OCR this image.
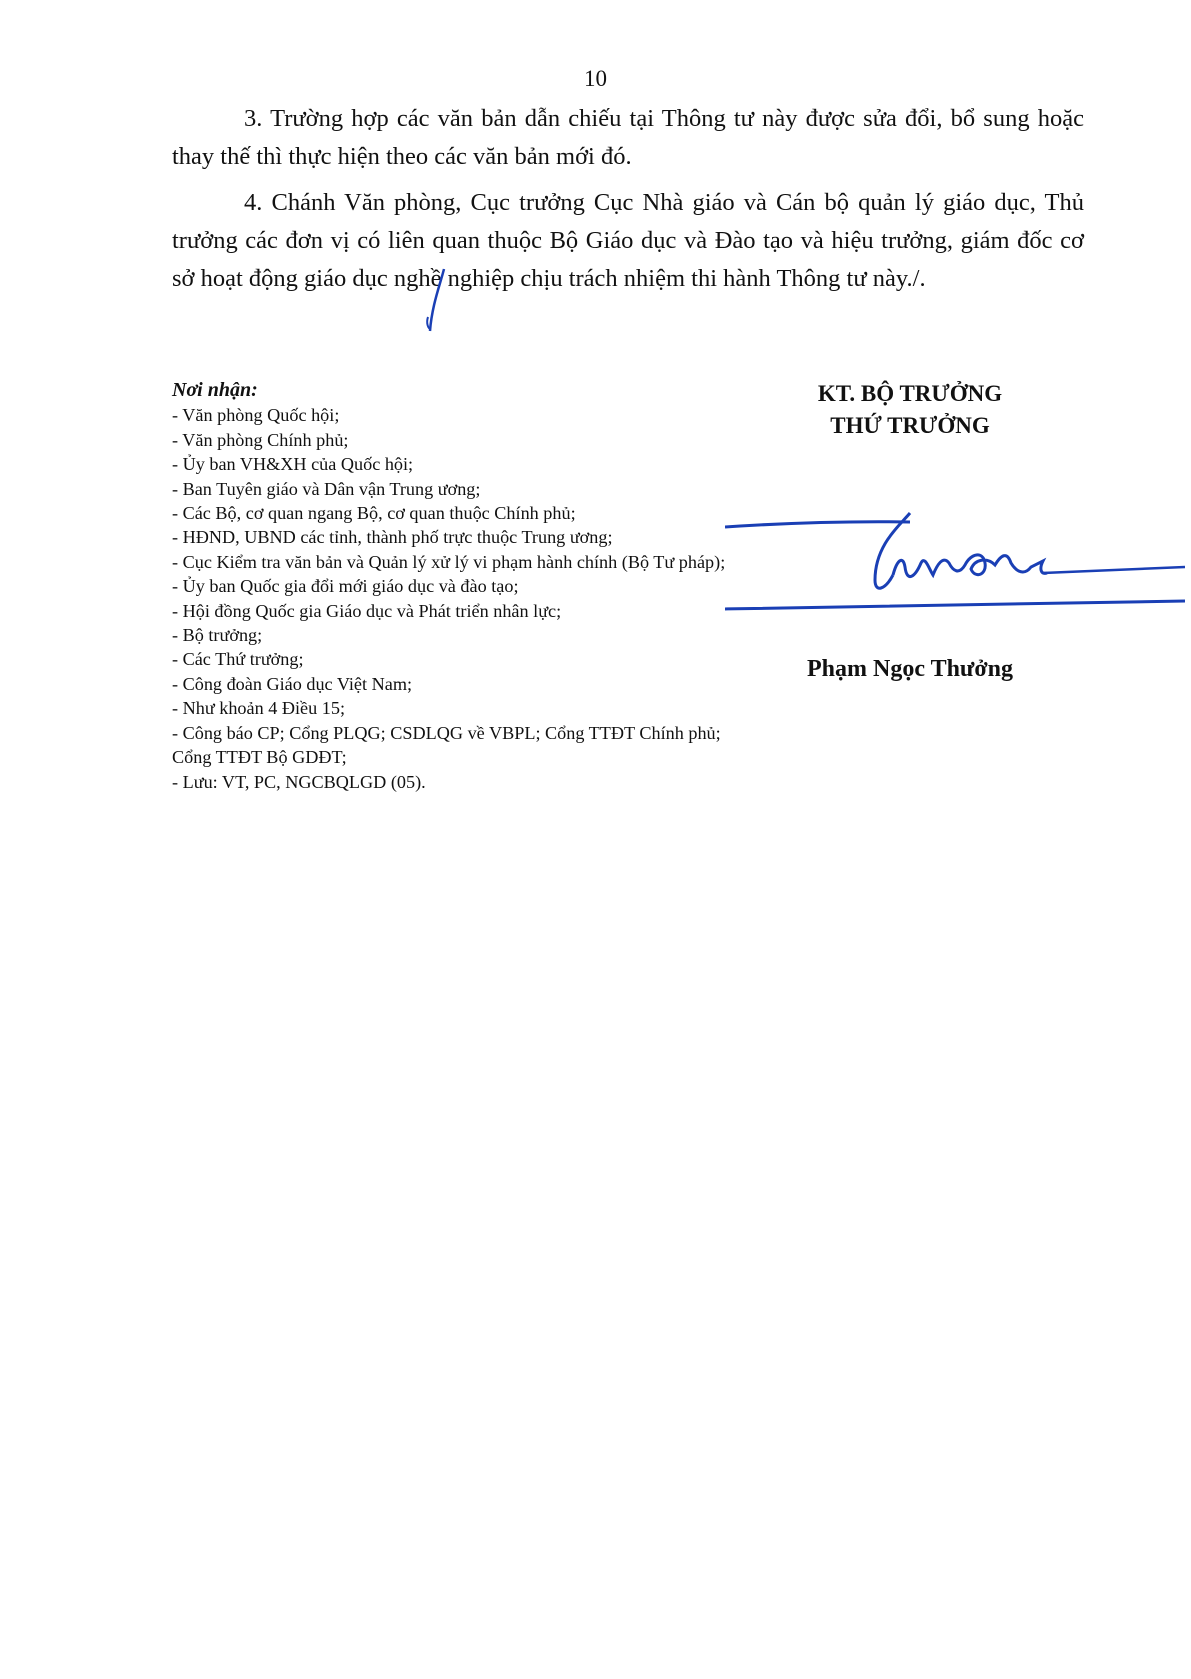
10

3. Trường hợp các văn bản dẫn chiếu tại Thông tư này được sửa đổi, bổ sung hoặc thay thế thì thực hiện theo các văn bản mới đó.

4. Chánh Văn phòng, Cục trưởng Cục Nhà giáo và Cán bộ quản lý giáo dục, Thủ trưởng các đơn vị có liên quan thuộc Bộ Giáo dục và Đào tạo và hiệu trưởng, giám đốc cơ sở hoạt động giáo dục nghề nghiệp chịu trách nhiệm thi hành Thông tư này./.

Nơi nhận:
- Văn phòng Quốc hội;
- Văn phòng Chính phủ;
- Ủy ban VH&XH của Quốc hội;
- Ban Tuyên giáo và Dân vận Trung ương;
- Các Bộ, cơ quan ngang Bộ, cơ quan thuộc Chính phủ;
- HĐND, UBND các tỉnh, thành phố trực thuộc Trung ương;
- Cục Kiểm tra văn bản và Quản lý xử lý vi phạm hành chính (Bộ Tư pháp);
- Ủy ban Quốc gia đổi mới giáo dục và đào tạo;
- Hội đồng Quốc gia Giáo dục và Phát triển nhân lực;
- Bộ trưởng;
- Các Thứ trưởng;
- Công đoàn Giáo dục Việt Nam;
- Như khoản 4 Điều 15;
- Công báo CP; Cổng PLQG; CSDLQG về VBPL; Cổng TTĐT Chính phủ; Cổng TTĐT Bộ GDĐT;
- Lưu: VT, PC, NGCBQLGD (05).
KT. BỘ TRƯỞNG
THỨ TRƯỞNG
Phạm Ngọc Thưởng
